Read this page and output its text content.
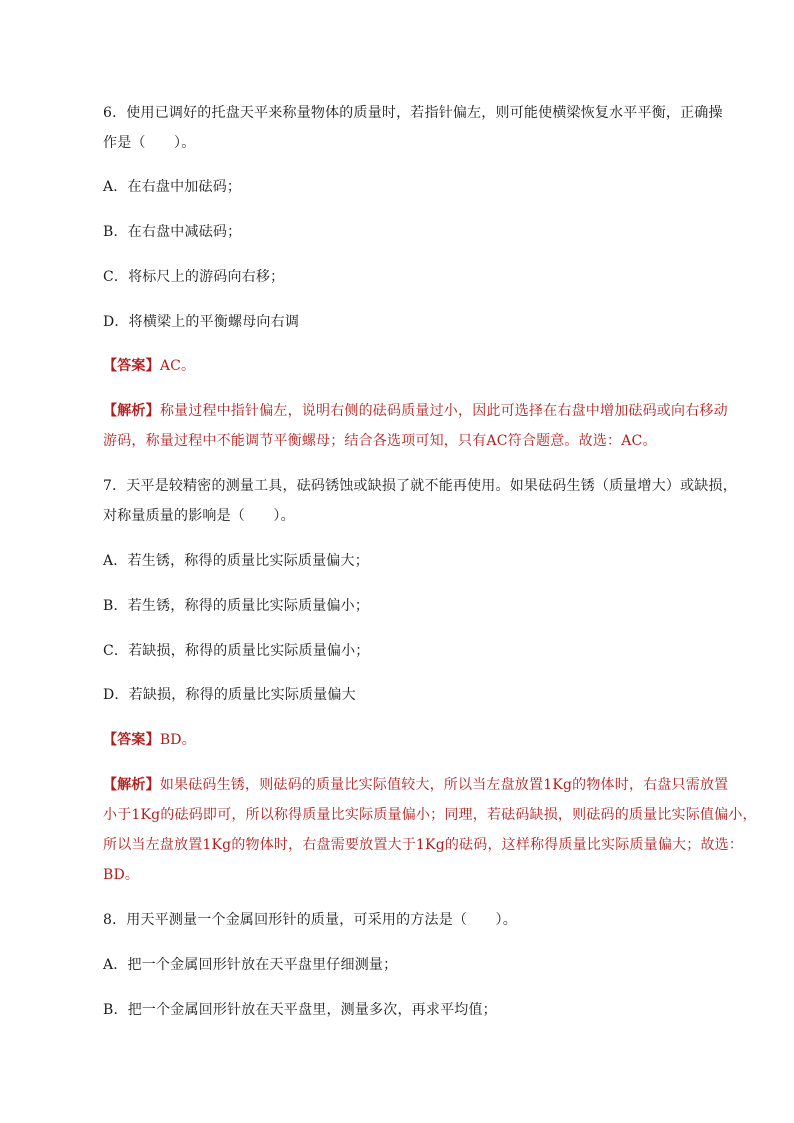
6．使用已调好的托盘天平来称量物体的质量时，若指针偏左，则可能使横梁恢复水平平衡，正确操
作是（　　）。
A．在右盘中加砝码；
B．在右盘中减砝码；
C．将标尺上的游码向右移；
D．将横梁上的平衡螺母向右调
【答案】AC。
【解析】称量过程中指针偏左，说明右侧的砝码质量过小，因此可选择在右盘中增加砝码或向右移动
游码，称量过程中不能调节平衡螺母；结合各选项可知，只有AC符合题意。故选：AC。
7．天平是较精密的测量工具，砝码锈蚀或缺损了就不能再使用。如果砝码生锈（质量增大）或缺损，
对称量质量的影响是（　　）。
A．若生锈，称得的质量比实际质量偏大；
B．若生锈，称得的质量比实际质量偏小；
C．若缺损，称得的质量比实际质量偏小；
D．若缺损，称得的质量比实际质量偏大
【答案】BD。
【解析】如果砝码生锈，则砝码的质量比实际值较大，所以当左盘放置1Kg的物体时，右盘只需放置
小于1Kg的砝码即可，所以称得质量比实际质量偏小；同理，若砝码缺损，则砝码的质量比实际值偏小，
所以当左盘放置1Kg的物体时，右盘需要放置大于1Kg的砝码，这样称得质量比实际质量偏大；故选：
BD。
8．用天平测量一个金属回形针的质量，可采用的方法是（　　）。
A．把一个金属回形针放在天平盘里仔细测量；
B．把一个金属回形针放在天平盘里，测量多次，再求平均值；
